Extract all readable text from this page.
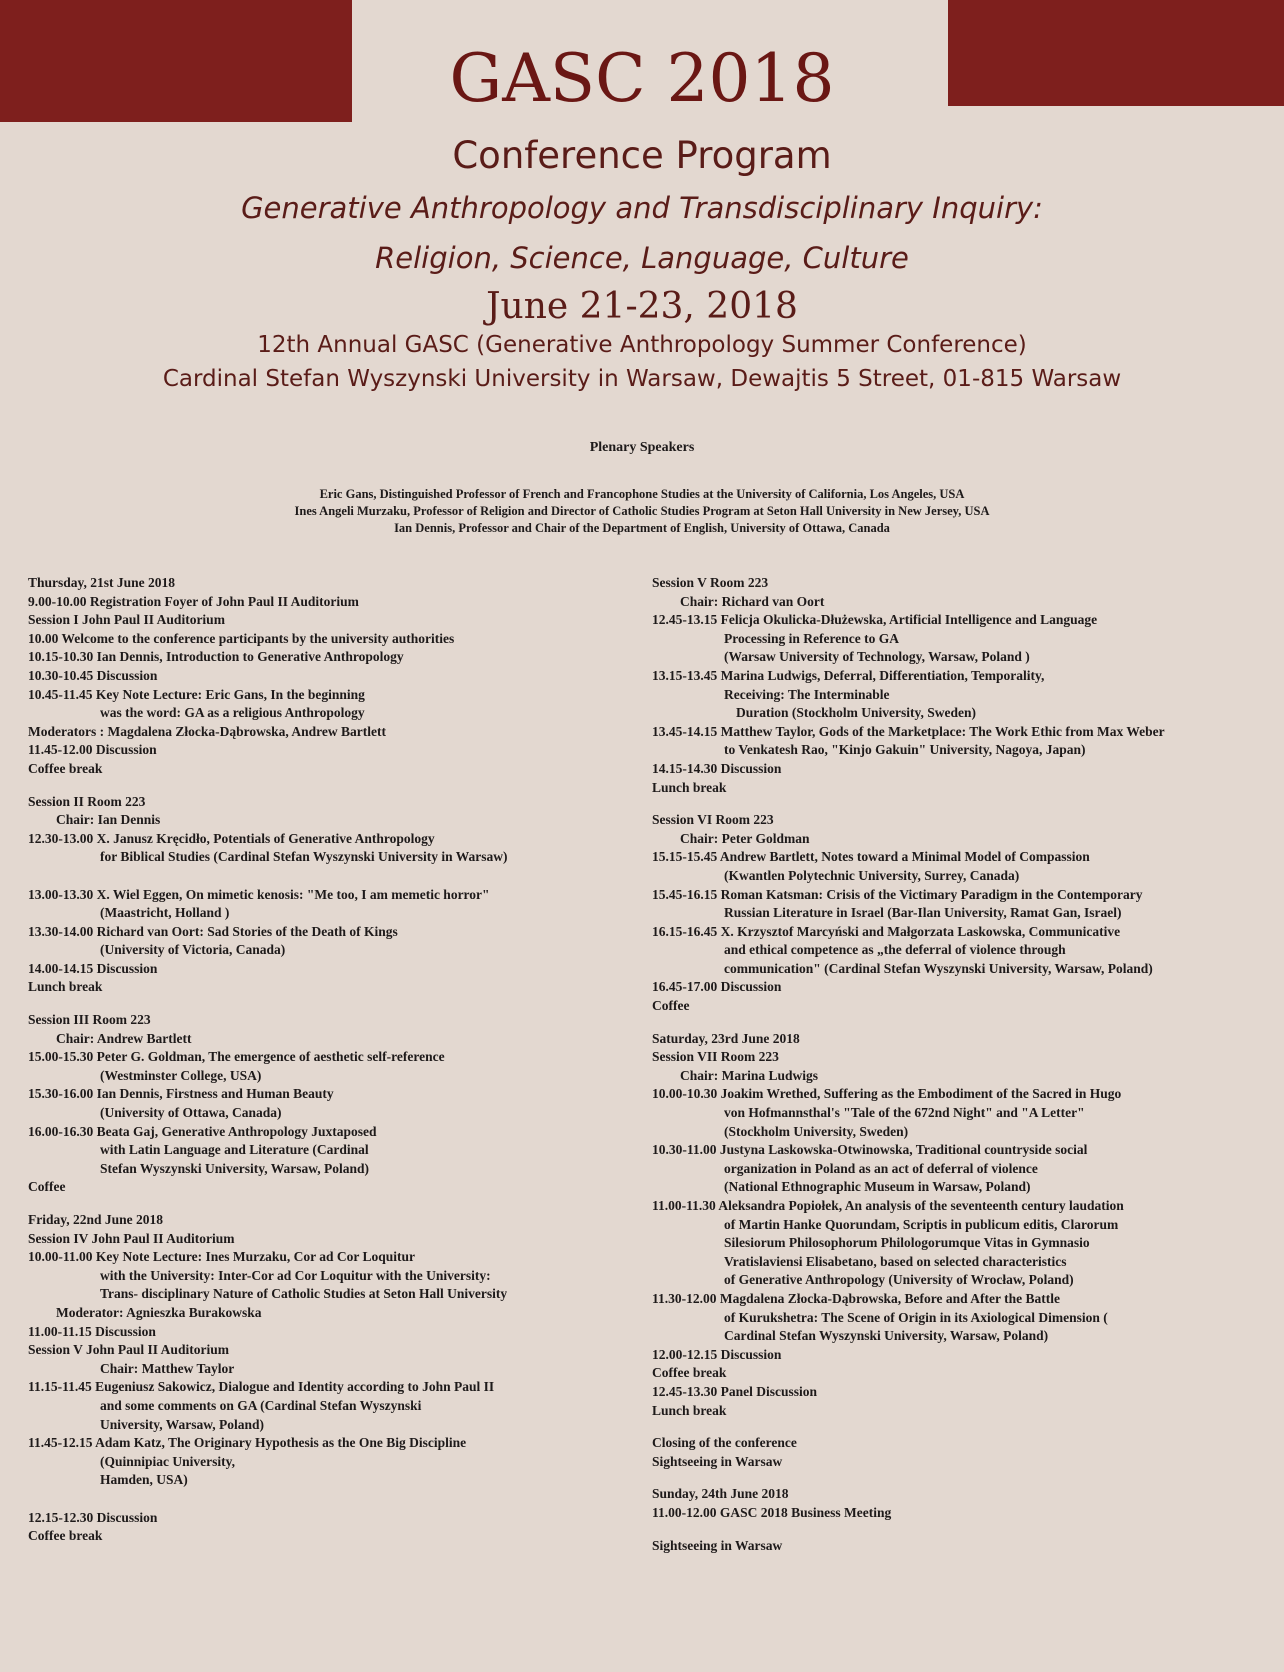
GASC 2018
Conference Program
Generative Anthropology and Transdisciplinary Inquiry:
Religion, Science, Language, Culture
June 21-23, 2018
12th Annual GASC (Generative Anthropology Summer Conference)
Cardinal Stefan Wyszynski University in Warsaw, Dewajtis 5 Street, 01-815 Warsaw
Plenary Speakers
Eric Gans, Distinguished Professor of French and Francophone Studies at the University of California, Los Angeles, USA
Ines Angeli Murzaku, Professor of Religion and Director of Catholic Studies Program at Seton Hall University in New Jersey, USA
Ian Dennis, Professor and Chair of the Department of English, University of Ottawa, Canada
Thursday, 21st June 2018
9.00-10.00 Registration Foyer of John Paul II Auditorium
Session I John Paul II Auditorium
10.00 Welcome to the conference participants by the university authorities
10.15-10.30 Ian Dennis, Introduction to Generative Anthropology
10.30-10.45 Discussion
10.45-11.45 Key Note Lecture: Eric Gans, In the beginning
was the word: GA as a religious Anthropology
Moderators : Magdalena Złocka-Dąbrowska, Andrew Bartlett
11.45-12.00 Discussion
Coffee break
Session II Room 223
Chair: Ian Dennis
12.30-13.00 X. Janusz Kręcidło, Potentials of Generative Anthropology
for Biblical Studies (Cardinal Stefan Wyszynski University in Warsaw)

13.00-13.30 X. Wiel Eggen, On mimetic kenosis: "Me too, I am memetic horror"
(Maastricht, Holland )
13.30-14.00 Richard van Oort: Sad Stories of the Death of Kings
(University of Victoria, Canada)
14.00-14.15 Discussion
Lunch break
Session III Room 223
Chair: Andrew Bartlett
15.00-15.30 Peter G. Goldman, The emergence of aesthetic self-reference
(Westminster College, USA)
15.30-16.00 Ian Dennis, Firstness and Human Beauty
(University of Ottawa, Canada)
16.00-16.30 Beata Gaj, Generative Anthropology Juxtaposed
with Latin Language and Literature (Cardinal
Stefan Wyszynski University, Warsaw, Poland)
Coffee
Friday, 22nd June 2018
Session IV John Paul II Auditorium
10.00-11.00 Key Note Lecture: Ines Murzaku, Cor ad Cor Loquitur
with the University: Inter-Cor ad Cor Loquitur with the University:
Trans- disciplinary Nature of Catholic Studies at Seton Hall University
Moderator: Agnieszka Burakowska
11.00-11.15 Discussion
Session V John Paul II Auditorium
Chair: Matthew Taylor
11.15-11.45 Eugeniusz Sakowicz, Dialogue and Identity according to John Paul II
and some comments on GA (Cardinal Stefan Wyszynski
University, Warsaw, Poland)
11.45-12.15 Adam Katz, The Originary Hypothesis as the One Big Discipline
(Quinnipiac University,
Hamden, USA)

12.15-12.30 Discussion
Coffee break
Session V Room 223
Chair: Richard van Oort
12.45-13.15 Felicja Okulicka-Dłużewska, Artificial Intelligence and Language
Processing in Reference to GA
(Warsaw University of Technology, Warsaw, Poland )
13.15-13.45 Marina Ludwigs, Deferral, Differentiation, Temporality,
Receiving: The Interminable
Duration (Stockholm University, Sweden)
13.45-14.15 Matthew Taylor, Gods of the Marketplace: The Work Ethic from Max Weber
to Venkatesh Rao, "Kinjo Gakuin" University, Nagoya, Japan)
14.15-14.30 Discussion
Lunch break
Session VI Room 223
Chair: Peter Goldman
15.15-15.45 Andrew Bartlett, Notes toward a Minimal Model of Compassion
(Kwantlen Polytechnic University, Surrey, Canada)
15.45-16.15 Roman Katsman: Crisis of the Victimary Paradigm in the Contemporary
Russian Literature in Israel (Bar-Ilan University, Ramat Gan, Israel)
16.15-16.45 X. Krzysztof Marcyński and Małgorzata Laskowska, Communicative
and ethical competence as „the deferral of violence through
communication" (Cardinal Stefan Wyszynski University, Warsaw, Poland)
16.45-17.00 Discussion
Coffee
Saturday, 23rd June 2018
Session VII Room 223
Chair: Marina Ludwigs
10.00-10.30 Joakim Wrethed, Suffering as the Embodiment of the Sacred in Hugo
von Hofmannsthal's "Tale of the 672nd Night" and "A Letter"
(Stockholm University, Sweden)
10.30-11.00 Justyna Laskowska-Otwinowska, Traditional countryside social
organization in Poland as an act of deferral of violence
(National Ethnographic Museum in Warsaw, Poland)
11.00-11.30 Aleksandra Popiołek, An analysis of the seventeenth century laudation
of Martin Hanke Quorundam, Scriptis in publicum editis, Clarorum
Silesiorum Philosophorum Philologorumque Vitas in Gymnasio
Vratislaviensi Elisabetano, based on selected characteristics
of Generative Anthropology (University of Wrocław, Poland)
11.30-12.00 Magdalena Złocka-Dąbrowska, Before and After the Battle
of Kurukshetra: The Scene of Origin in its Axiological Dimension (
Cardinal Stefan Wyszynski University, Warsaw, Poland)
12.00-12.15 Discussion
Coffee break
12.45-13.30 Panel Discussion
Lunch break
Closing of the conference
Sightseeing in Warsaw
Sunday, 24th June 2018
11.00-12.00 GASC 2018 Business Meeting
Sightseeing in Warsaw
